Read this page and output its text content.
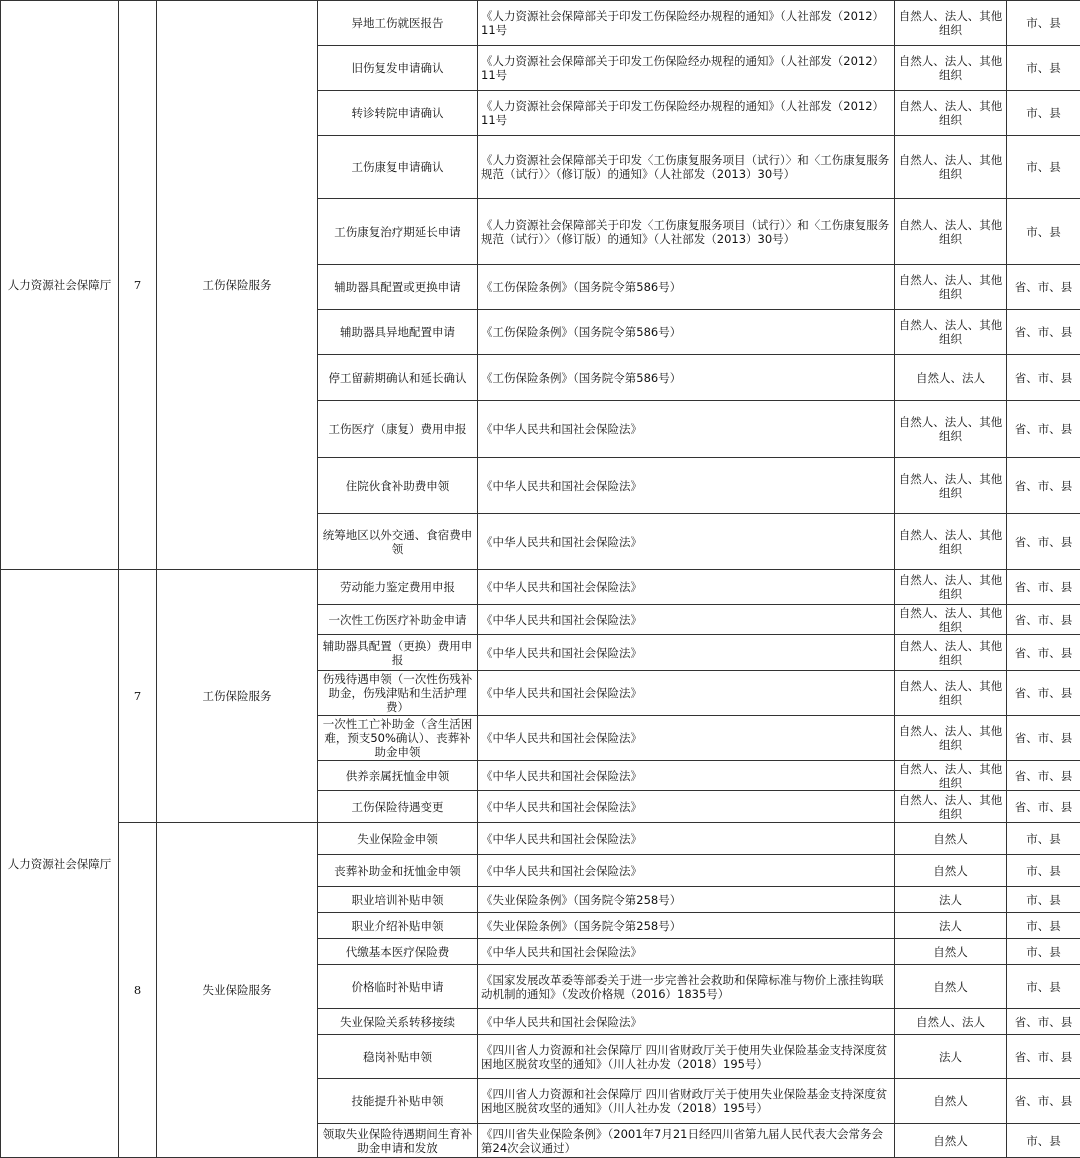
人力资源社会保障厅	7	工伤保险服务	异地工伤就医报告	《人力资源社会保障部关于印发工伤保险经办规程的通知》（人社部发（2012）11号	自然人、法人、其他组织	市、县
			旧伤复发申请确认	《人力资源社会保障部关于印发工伤保险经办规程的通知》（人社部发（2012）11号	自然人、法人、其他组织	市、县
			转诊转院申请确认	《人力资源社会保障部关于印发工伤保险经办规程的通知》（人社部发（2012）11号	自然人、法人、其他组织	市、县
			工伤康复申请确认	《人力资源社会保障部关于印发〈工伤康复服务项目（试行）〉和〈工伤康复服务规范（试行）〉（修订版）的通知》（人社部发（2013）30号）	自然人、法人、其他组织	市、县
			工伤康复治疗期延长申请	《人力资源社会保障部关于印发〈工伤康复服务项目（试行）〉和〈工伤康复服务规范（试行）〉（修订版）的通知》（人社部发（2013）30号）	自然人、法人、其他组织	市、县
			辅助器具配置或更换申请	《工伤保险条例》（国务院令第586号）	自然人、法人、其他组织	省、市、县
			辅助器具异地配置申请	《工伤保险条例》（国务院令第586号）	自然人、法人、其他组织	省、市、县
			停工留薪期确认和延长确认	《工伤保险条例》（国务院令第586号）	自然人、法人	省、市、县
			工伤医疗（康复）费用申报	《中华人民共和国社会保险法》	自然人、法人、其他组织	省、市、县
			住院伙食补助费申领	《中华人民共和国社会保险法》	自然人、法人、其他组织	省、市、县
			统筹地区以外交通、食宿费申领	《中华人民共和国社会保险法》	自然人、法人、其他组织	省、市、县
人力资源社会保障厅	7	工伤保险服务	劳动能力鉴定费用申报	《中华人民共和国社会保险法》	自然人、法人、其他组织	省、市、县
			一次性工伤医疗补助金申请	《中华人民共和国社会保险法》	自然人、法人、其他组织	省、市、县
			辅助器具配置（更换）费用申报	《中华人民共和国社会保险法》	自然人、法人、其他组织	省、市、县
			伤残待遇申领（一次性伤残补助金，伤残津贴和生活护理费）	《中华人民共和国社会保险法》	自然人、法人、其他组织	省、市、县
			一次性工亡补助金（含生活困难，预支50%确认）、丧葬补助金申领	《中华人民共和国社会保险法》	自然人、法人、其他组织	省、市、县
			供养亲属抚恤金申领	《中华人民共和国社会保险法》	自然人、法人、其他组织	省、市、县
			工伤保险待遇变更	《中华人民共和国社会保险法》	自然人、法人、其他组织	省、市、县
	8	失业保险服务	失业保险金申领	《中华人民共和国社会保险法》	自然人	市、县
			丧葬补助金和抚恤金申领	《中华人民共和国社会保险法》	自然人	市、县
			职业培训补贴申领	《失业保险条例》（国务院令第258号）	法人	市、县
			职业介绍补贴申领	《失业保险条例》（国务院令第258号）	法人	市、县
			代缴基本医疗保险费	《中华人民共和国社会保险法》	自然人	市、县
			价格临时补贴申请	《国家发展改革委等部委关于进一步完善社会救助和保障标准与物价上涨挂钩联动机制的通知》（发改价格规（2016）1835号）	自然人	市、县
			失业保险关系转移接续	《中华人民共和国社会保险法》	自然人、法人	省、市、县
			稳岗补贴申领	《四川省人力资源和社会保障厅 四川省财政厅关于使用失业保险基金支持深度贫困地区脱贫攻坚的通知》（川人社办发（2018）195号）	法人	省、市、县
			技能提升补贴申领	《四川省人力资源和社会保障厅 四川省财政厅关于使用失业保险基金支持深度贫困地区脱贫攻坚的通知》（川人社办发（2018）195号）	自然人	省、市、县
			领取失业保险待遇期间生育补助金申请和发放	《四川省失业保险条例》（2001年7月21日经四川省第九届人民代表大会常务会第24次会议通过）	自然人	市、县
